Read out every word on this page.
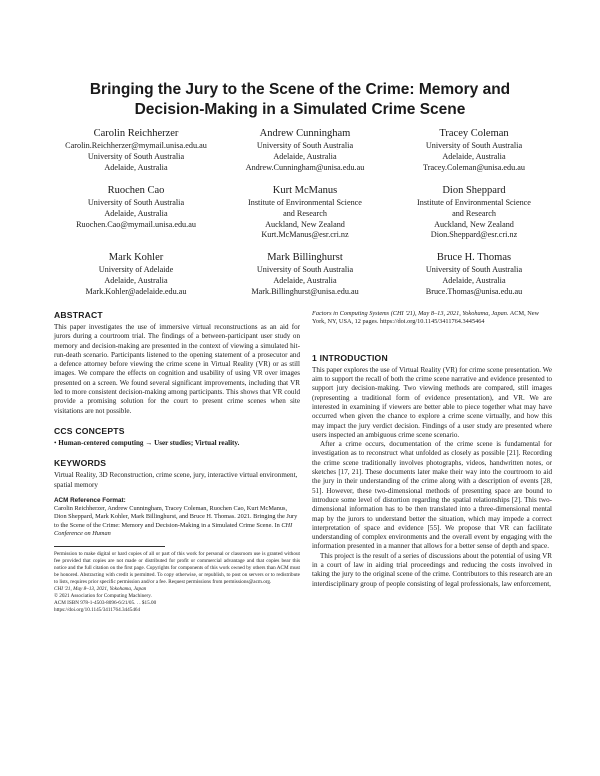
Bringing the Jury to the Scene of the Crime: Memory and
Decision-Making in a Simulated Crime Scene
Carolin Reichherzer
Carolin.Reichherzer@mymail.unisa.edu.au
University of South Australia
Adelaide, Australia
Andrew Cunningham
University of South Australia
Adelaide, Australia
Andrew.Cunningham@unisa.edu.au
Tracey Coleman
University of South Australia
Adelaide, Australia
Tracey.Coleman@unisa.edu.au
Ruochen Cao
University of South Australia
Adelaide, Australia
Ruochen.Cao@mymail.unisa.edu.au
Kurt McManus
Institute of Environmental Science
and Research
Auckland, New Zealand
Kurt.McManus@esr.cri.nz
Dion Sheppard
Institute of Environmental Science
and Research
Auckland, New Zealand
Dion.Sheppard@esr.cri.nz
Mark Kohler
University of Adelaide
Adelaide, Australia
Mark.Kohler@adelaide.edu.au
Mark Billinghurst
University of South Australia
Adelaide, Australia
Mark.Billinghurst@unisa.edu.au
Bruce H. Thomas
University of South Australia
Adelaide, Australia
Bruce.Thomas@unisa.edu.au
ABSTRACT

This paper investigates the use of immersive virtual reconstructions as an aid for jurors during a courtroom trial. The findings of a between-participant user study on memory and decision-making are presented in the context of viewing a simulated hit-run-death scenario. Participants listened to the opening statement of a prosecutor and a defence attorney before viewing the crime scene in Virtual Reality (VR) or as still images. We compare the effects on cognition and usability of using VR over images presented on a screen. We found several significant improvements, including that VR led to more consistent decision-making among participants. This shows that VR could provide a promising solution for the court to present crime scenes when site visitations are not possible.

CCS CONCEPTS

• Human-centered computing → User studies; Virtual reality.

KEYWORDS

Virtual Reality, 3D Reconstruction, crime scene, jury, interactive virtual environment, spatial memory

ACM Reference Format:

Carolin Reichherzer, Andrew Cunningham, Tracey Coleman, Ruochen Cao, Kurt McManus, Dion Sheppard, Mark Kohler, Mark Billinghurst, and Bruce H. Thomas. 2021. Bringing the Jury to the Scene of the Crime: Memory and Decision-Making in a Simulated Crime Scene. In CHI Conference on Human

Permission to make digital or hard copies of all or part of this work for personal or classroom use is granted without fee provided that copies are not made or distributed for profit or commercial advantage and that copies bear this notice and the full citation on the first page. Copyrights for components of this work owned by others than ACM must be honored. Abstracting with credit is permitted. To copy otherwise, or republish, to post on servers or to redistribute to lists, requires prior specific permission and/or a fee. Request permissions from permissions@acm.org.

CHI '21, May 8–13, 2021, Yokohama, Japan

© 2021 Association for Computing Machinery.

ACM ISBN 978-1-4503-8096-6/21/05. . . $15.00

https://doi.org/10.1145/3411764.3445464

Factors in Computing Systems (CHI '21), May 8–13, 2021, Yokohama, Japan. ACM, New York, NY, USA, 12 pages. https://doi.org/10.1145/3411764.3445464

1 INTRODUCTION

This paper explores the use of Virtual Reality (VR) for crime scene presentation. We aim to support the recall of both the crime scene narrative and evidence presented to support jury decision-making. Two viewing methods are compared, still images (representing a traditional form of evidence presentation), and VR. We are interested in examining if viewers are better able to piece together what may have occurred when given the chance to explore a crime scene virtually, and how this may impact the jury verdict decision. Findings of a user study are presented where users inspected an ambiguous crime scene scenario.

After a crime occurs, documentation of the crime scene is fundamental for investigation as to reconstruct what unfolded as closely as possible [21]. Recording the crime scene traditionally involves photographs, videos, handwritten notes, or sketches [17, 21]. These documents later make their way into the courtroom to aid the jury in their understanding of the crime along with a description of events [28, 51]. However, these two-dimensional methods of presenting space are bound to introduce some level of distortion regarding the spatial relationships [2]. This two-dimensional information has to be then translated into a three-dimensional mental map by the jurors to understand better the situation, which may impede a correct interpretation of space and evidence [55]. We propose that VR can facilitate understanding of complex environments and the overall event by engaging with the information presented in a manner that allows for a better sense of depth and space.

This project is the result of a series of discussions about the potential of using VR in a court of law in aiding trial proceedings and reducing the costs involved in taking the jury to the original scene of the crime. Contributors to this research are an interdisciplinary group of people consisting of legal professionals, law enforcement,
